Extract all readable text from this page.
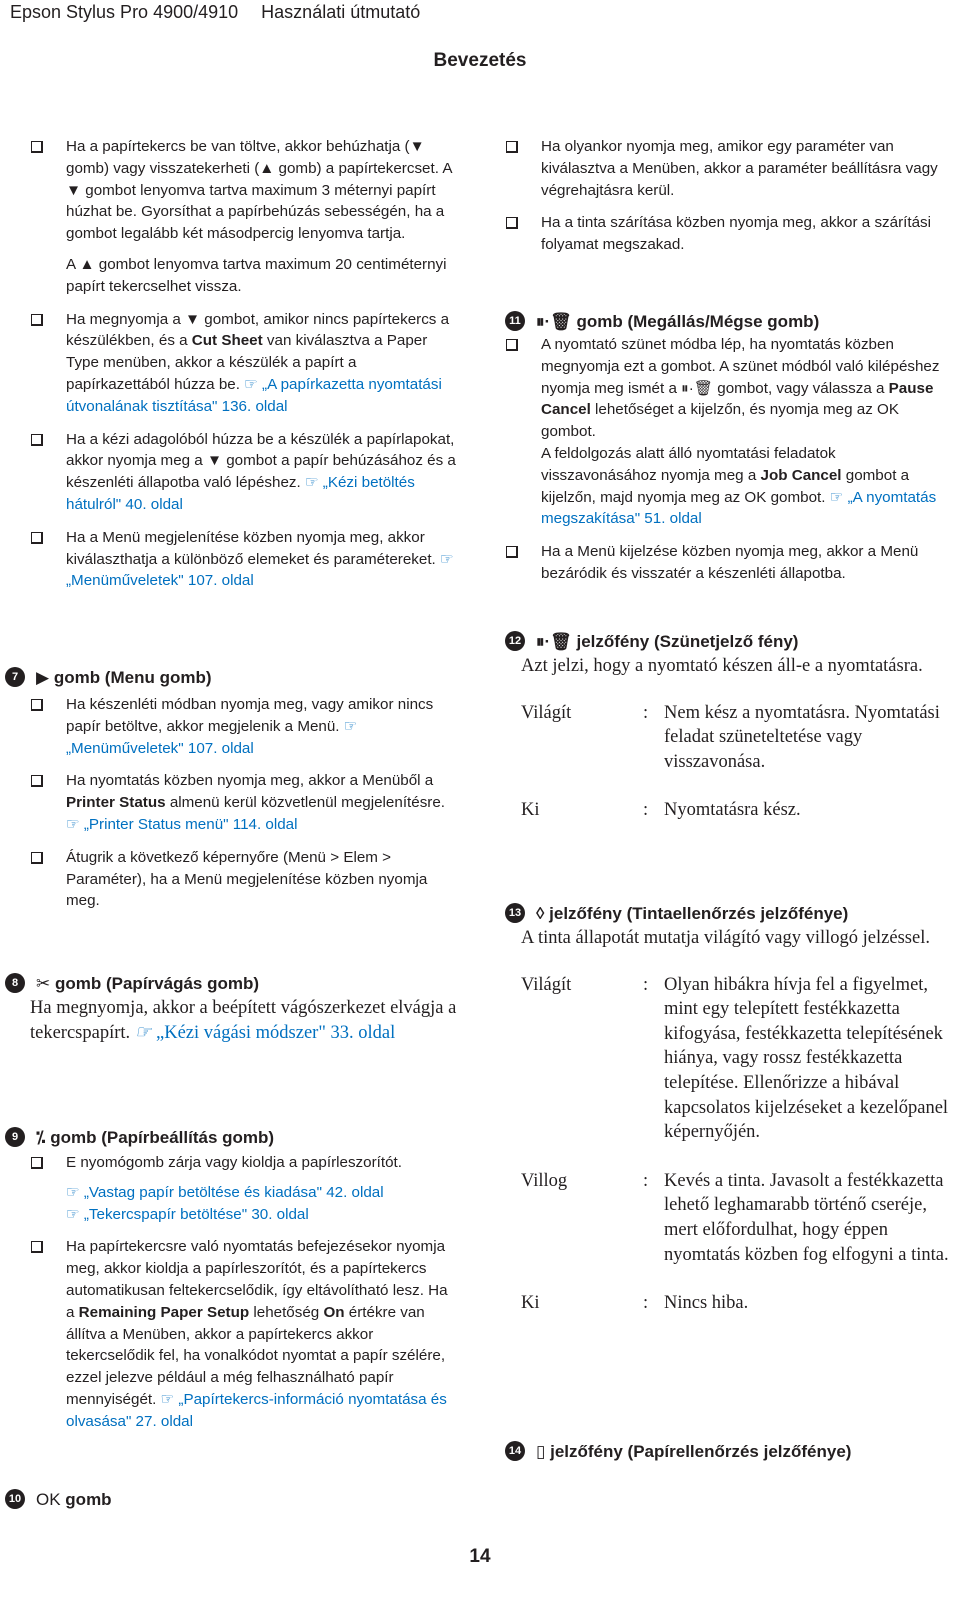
Epson Stylus Pro 4900/4910 Használati útmutató
Bevezetés
Ha a papírtekercs be van töltve, akkor behúzhatja (▼ gomb) vagy visszatekerheti (▲ gomb) a papírtekercset. A ▼ gombot lenyomva tartva maximum 3 méternyi papírt húzhat be. Gyorsíthat a papírbehúzás sebességén, ha a gombot legalább két másodpercig lenyomva tartja.
A ▲ gombot lenyomva tartva maximum 20 centiméternyi papírt tekercselhet vissza.
Ha megnyomja a ▼ gombot, amikor nincs papírtekercs a készülékben, és a Cut Sheet van kiválasztva a Paper Type menüben, akkor a készülék a papírt a papírkazettából húzza be. ☞ „A papírkazetta nyomtatási útvonalának tisztítása" 136. oldal
Ha a kézi adagolóból húzza be a készülék a papírlapokat, akkor nyomja meg a ▼ gombot a papír behúzásához és a készenléti állapotba való lépéshez. ☞ „Kézi betöltés hátulról" 40. oldal
Ha a Menü megjelenítése közben nyomja meg, akkor kiválaszthatja a különböző elemeket és paramétereket. ☞ „Menüműveletek" 107. oldal
7	▶ gomb (Menu gomb)
Ha készenléti módban nyomja meg, vagy amikor nincs papír betöltve, akkor megjelenik a Menü. ☞ „Menüműveletek" 107. oldal
Ha nyomtatás közben nyomja meg, akkor a Menüből a Printer Status almenü kerül közvetlenül megjelenítésre. ☞ „Printer Status menü" 114. oldal
Átugrik a következő képernyőre (Menü > Elem > Paraméter), ha a Menü megjelenítése közben nyomja meg.
8	✂ gomb (Papírvágás gomb)
Ha megnyomja, akkor a beépített vágószerkezet elvágja a tekercspapírt. ☞ „Kézi vágási módszer" 33. oldal
9	⁒ gomb (Papírbeállítás gomb)
E nyomógomb zárja vagy kioldja a papírleszorítót.
☞ „Vastag papír betöltése és kiadása" 42. oldal
☞ „Tekercspapír betöltése" 30. oldal
Ha papírtekercsre való nyomtatás befejezésekor nyomja meg, akkor kioldja a papírleszorítót, és a papírtekercs automatikusan feltekercselődik, így eltávolítható lesz. Ha a Remaining Paper Setup lehetőség On értékre van állítva a Menüben, akkor a papírtekercs akkor tekercselődik fel, ha vonalkódot nyomtat a papír szélére, ezzel jelezve például a még felhasználható papír mennyiségét. ☞ „Papírtekercs-információ nyomtatása és olvasása" 27. oldal
10 OK gomb
Ha olyankor nyomja meg, amikor egy paraméter van kiválasztva a Menüben, akkor a paraméter beállításra vagy végrehajtásra kerül.
Ha a tinta szárítása közben nyomja meg, akkor a szárítási folyamat megszakad.
11 ⏸·🗑 gomb (Megállás/Mégse gomb)
A nyomtató szünet módba lép, ha nyomtatás közben megnyomja ezt a gombot. A szünet módból való kilépéshez nyomja meg ismét a ⏸·🗑 gombot, vagy válassza a Pause Cancel lehetőséget a kijelzőn, és nyomja meg az OK gombot.
A feldolgozás alatt álló nyomtatási feladatok visszavonásához nyomja meg a Job Cancel gombot a kijelzőn, majd nyomja meg az OK gombot. ☞ „A nyomtatás megszakítása" 51. oldal
Ha a Menü kijelzése közben nyomja meg, akkor a Menü bezáródik és visszatér a készenléti állapotba.
12 ⏸·🗑 jelzőfény (Szünetjelző fény)
Azt jelzi, hogy a nyomtató készen áll-e a nyomtatásra.
Világít	: Nem kész a nyomtatásra. Nyomtatási feladat szüneteltetése vagy visszavonása.
Ki	: Nyomtatásra kész.
13 ◊ jelzőfény (Tintaellenőrzés jelzőfénye)
A tinta állapotát mutatja világító vagy villogó jelzéssel.
Világít	: Olyan hibákra hívja fel a figyelmet, mint egy telepített festékkazetta kifogyása, festékkazetta telepítésének hiánya, vagy rossz festékkazetta telepítése. Ellenőrizze a hibával kapcsolatos kijelzéseket a kezelőpanel képernyőjén.
Villog	: Kevés a tinta. Javasolt a festékkazetta lehető leghamarabb történő cseréje, mert előfordulhat, hogy éppen nyomtatás közben fog elfogyni a tinta.
Ki	: Nincs hiba.
14 ▯ jelzőfény (Papírellenőrzés jelzőfénye)
14
